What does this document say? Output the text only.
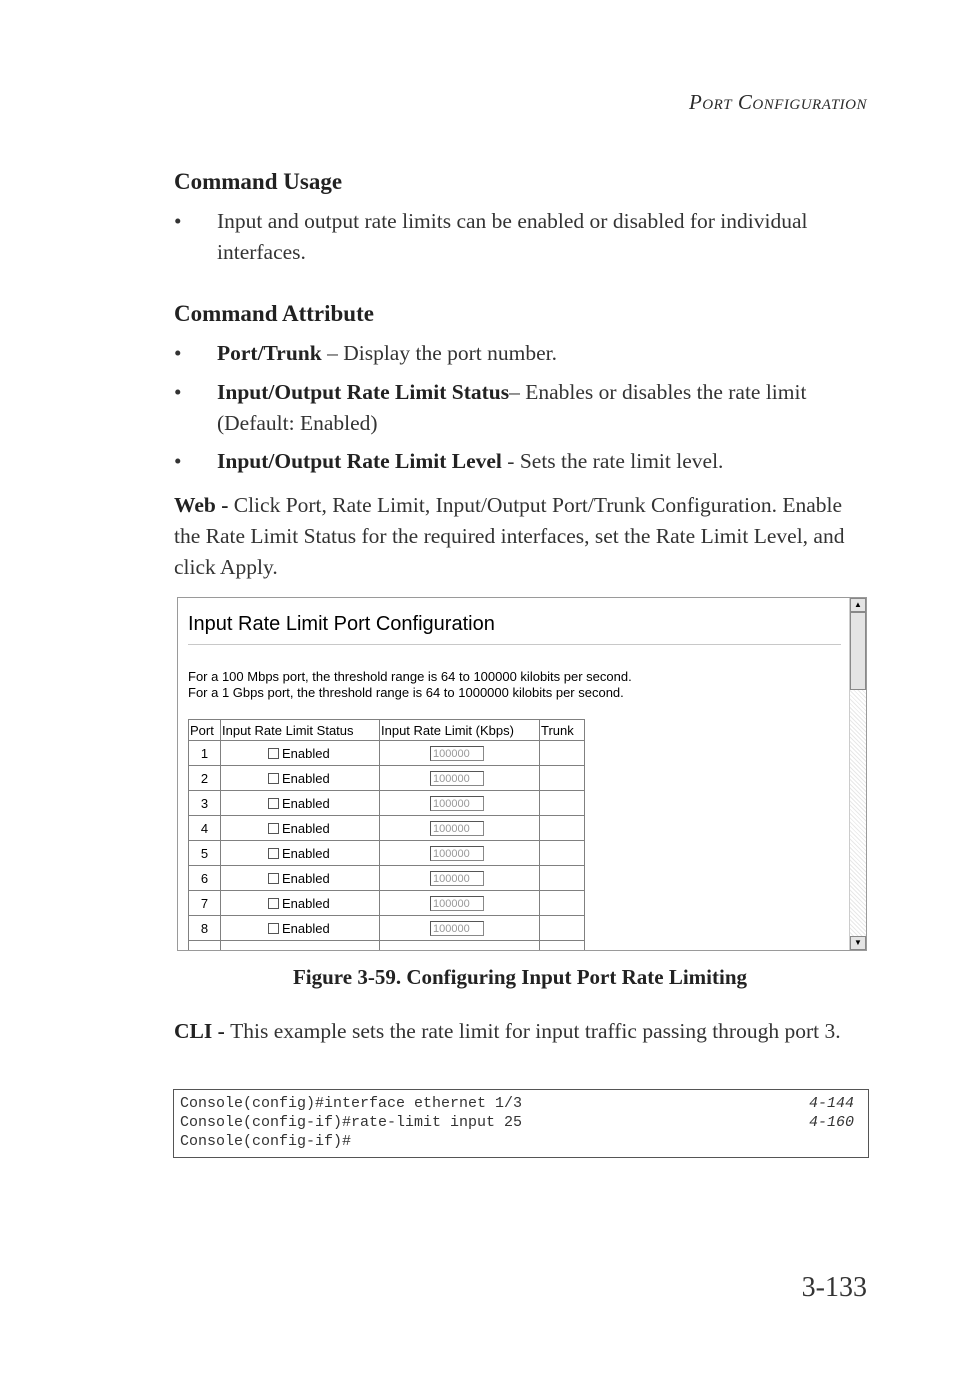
Port Configuration
Command Usage
• Input and output rate limits can be enabled or disabled for individual interfaces.
Command Attribute
• Port/Trunk – Display the port number.
• Input/Output Rate Limit Status– Enables or disables the rate limit (Default: Enabled)
• Input/Output Rate Limit Level - Sets the rate limit level.
Web - Click Port, Rate Limit, Input/Output Port/Trunk Configuration. Enable the Rate Limit Status for the required interfaces, set the Rate Limit Level, and click Apply.
Input Rate Limit Port Configuration
For a 100 Mbps port, the threshold range is 64 to 100000 kilobits per second.
For a 1 Gbps port, the threshold range is 64 to 1000000 kilobits per second.
Port	Input Rate Limit Status	Input Rate Limit (Kbps)	Trunk
1	Enabled	100000	
2	Enabled	100000	
3	Enabled	100000	
4	Enabled	100000	
5	Enabled	100000	
6	Enabled	100000	
7	Enabled	100000	
8	Enabled	100000	

▲
▼
Figure 3-59. Configuring Input Port Rate Limiting
CLI - This example sets the rate limit for input traffic passing through port 3.
Console(config)#interface ethernet 1/3	4-144
Console(config-if)#rate-limit input 25	4-160
Console(config-if)#
3-133
